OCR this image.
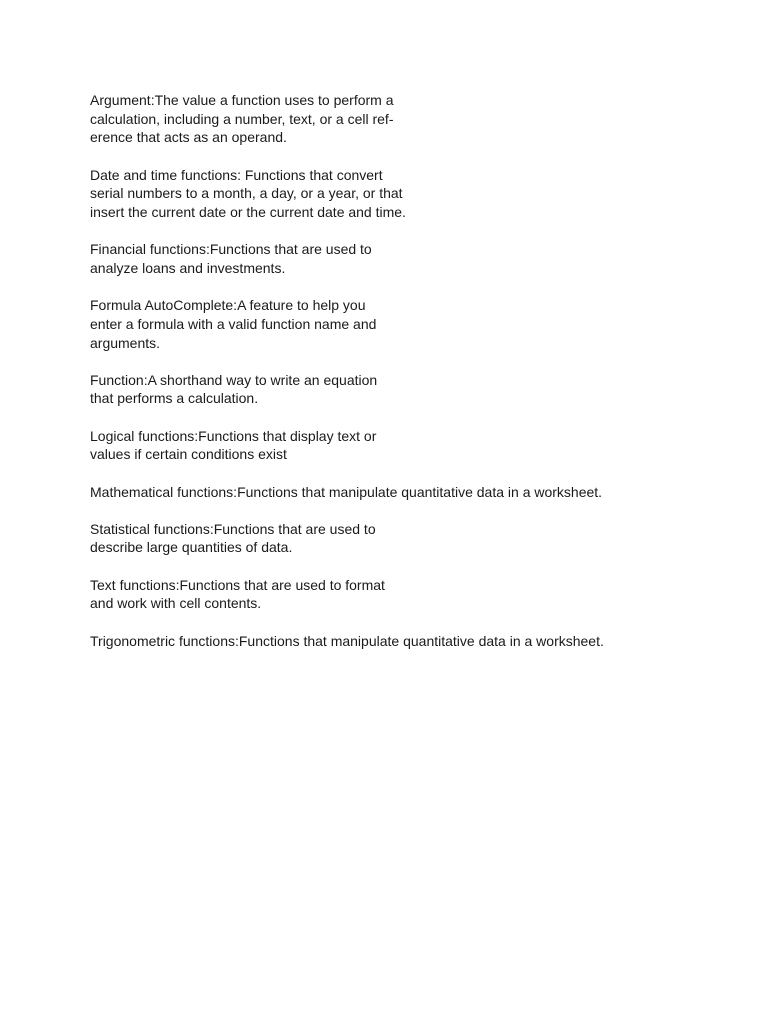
Argument:The value a function uses to perform a
calculation, including a number, text, or a cell ref-
erence that acts as an operand.
Date and time functions: Functions that convert
serial numbers to a month, a day, or a year, or that
insert the current date or the current date and time.
Financial functions:Functions that are used to
analyze loans and investments.
Formula AutoComplete:A feature to help you
enter a formula with a valid function name and
arguments.
Function:A shorthand way to write an equation
that performs a calculation.
Logical functions:Functions that display text or
values if certain conditions exist
Mathematical functions:Functions that manipulate quantitative data in a worksheet.
Statistical functions:Functions that are used to
describe large quantities of data.
Text functions:Functions that are used to format
and work with cell contents.
Trigonometric functions:Functions that manipulate quantitative data in a worksheet.
